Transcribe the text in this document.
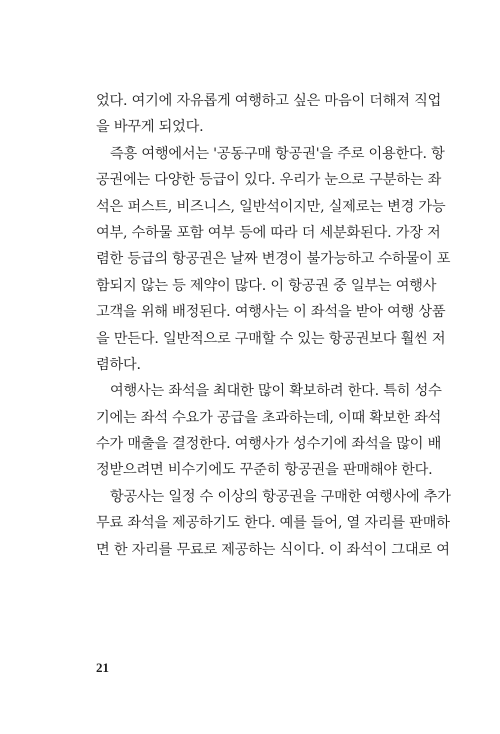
었다. 여기에 자유롭게 여행하고 싶은 마음이 더해져 직업
을 바꾸게 되었다.
즉흥 여행에서는 '공동구매 항공권'을 주로 이용한다. 항
공권에는 다양한 등급이 있다. 우리가 눈으로 구분하는 좌
석은 퍼스트, 비즈니스, 일반석이지만, 실제로는 변경 가능
여부, 수하물 포함 여부 등에 따라 더 세분화된다. 가장 저
렴한 등급의 항공권은 날짜 변경이 불가능하고 수하물이 포
함되지 않는 등 제약이 많다. 이 항공권 중 일부는 여행사
고객을 위해 배정된다. 여행사는 이 좌석을 받아 여행 상품
을 만든다. 일반적으로 구매할 수 있는 항공권보다 훨씬 저
렴하다.
여행사는 좌석을 최대한 많이 확보하려 한다. 특히 성수
기에는 좌석 수요가 공급을 초과하는데, 이때 확보한 좌석
수가 매출을 결정한다. 여행사가 성수기에 좌석을 많이 배
정받으려면 비수기에도 꾸준히 항공권을 판매해야 한다.
항공사는 일정 수 이상의 항공권을 구매한 여행사에 추가
무료 좌석을 제공하기도 한다. 예를 들어, 열 자리를 판매하
면 한 자리를 무료로 제공하는 식이다. 이 좌석이 그대로 여
21
